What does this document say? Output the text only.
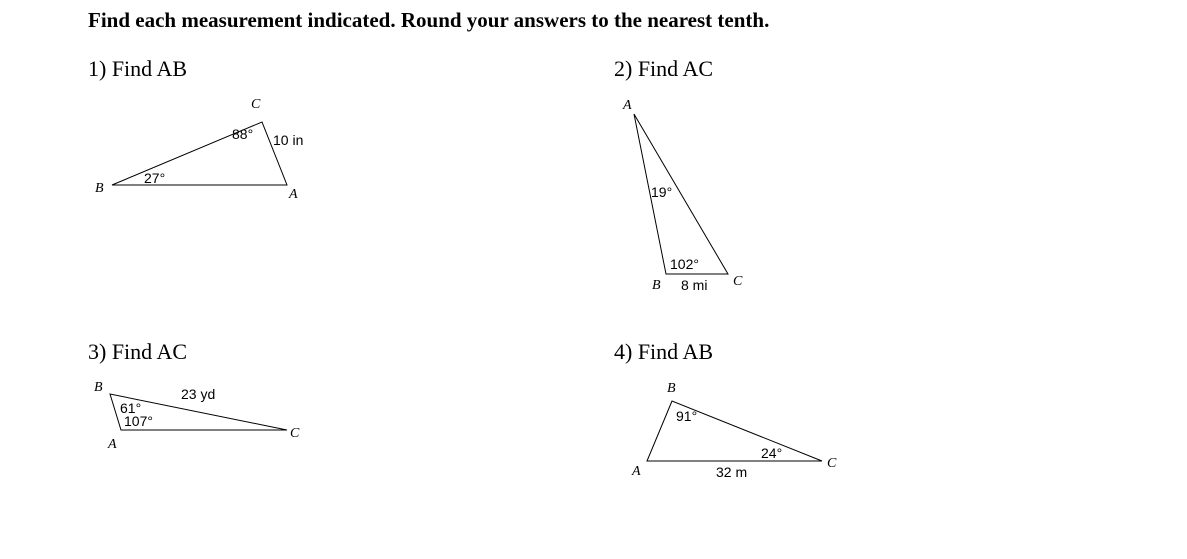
Find each measurement indicated. Round your answers to the nearest tenth.
1) Find AB	2) Find AC
3) Find AC	4) Find AB
B
C
A
27°
88° 10 in
A
B	C
19°
102°
8 mi
B
A
C
61°
107°
23 yd	B
A
C
91°
24°
32 m
